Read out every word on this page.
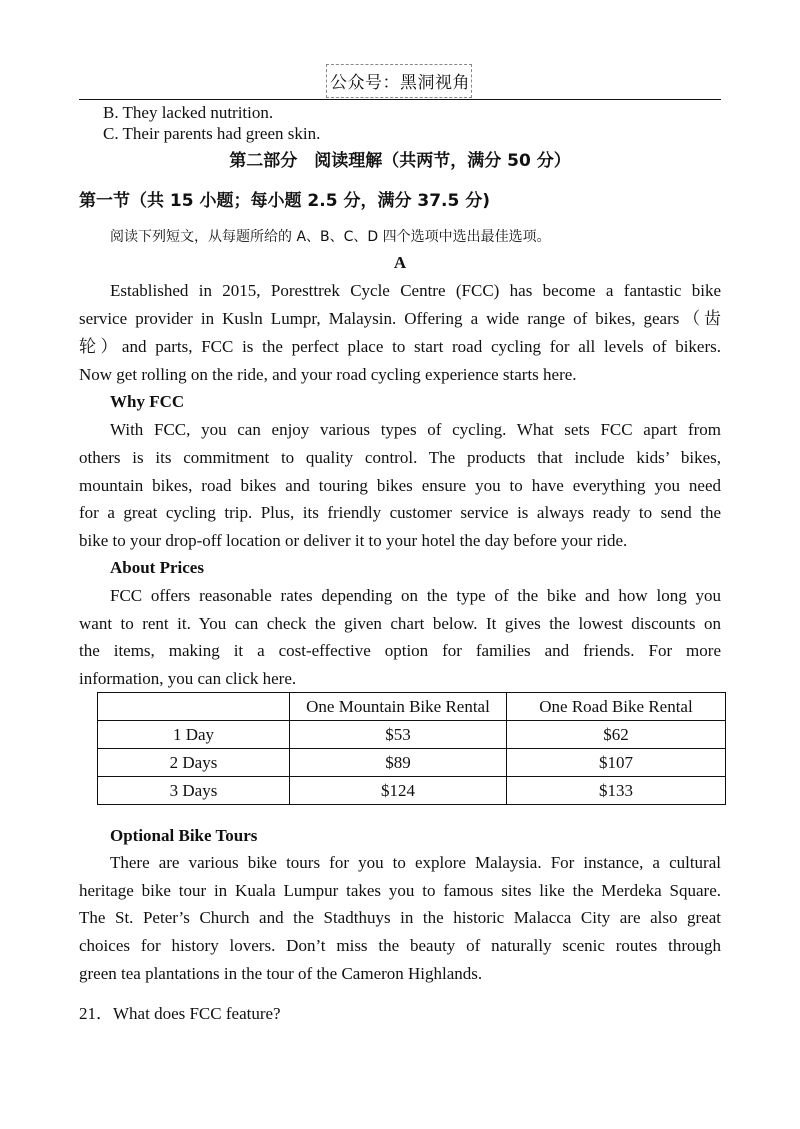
公众号：黑洞视角
B. They lacked nutrition.
C. Their parents had green skin.
第二部分　阅读理解（共两节，满分 50 分）
第一节（共 15 小题；每小题 2.5 分，满分 37.5 分)
阅读下列短文，从每题所给的 A、B、C、D 四个选项中选出最佳选项。
A
Established in 2015, Poresttrek Cycle Centre (FCC) has become a fantastic bike
service provider in Kusln Lumpr, Malaysin. Offering a wide range of bikes, gears（齿
轮）and parts, FCC is the perfect place to start road cycling for all levels of bikers.
Now get rolling on the ride, and your road cycling experience starts here.
Why FCC
With FCC, you can enjoy various types of cycling. What sets FCC apart from
others is its commitment to quality control. The products that include kids’ bikes,
mountain bikes, road bikes and touring bikes ensure you to have everything you need
for a great cycling trip. Plus, its friendly customer service is always ready to send the
bike to your drop-off location or deliver it to your hotel the day before your ride.
About Prices
FCC offers reasonable rates depending on the type of the bike and how long you
want to rent it. You can check the given chart below. It gives the lowest discounts on
the items, making it a cost-effective option for families and friends. For more
information, you can click here.
	One Mountain Bike Rental	One Road Bike Rental
1 Day	$53	$62
2 Days	$89	$107
3 Days	$124	$133
Optional Bike Tours
There are various bike tours for you to explore Malaysia. For instance, a cultural
heritage bike tour in Kuala Lumpur takes you to famous sites like the Merdeka Square.
The St. Peter’s Church and the Stadthuys in the historic Malacca City are also great
choices for history lovers. Don’t miss the beauty of naturally scenic routes through
green tea plantations in the tour of the Cameron Highlands.
21．What does FCC feature?
